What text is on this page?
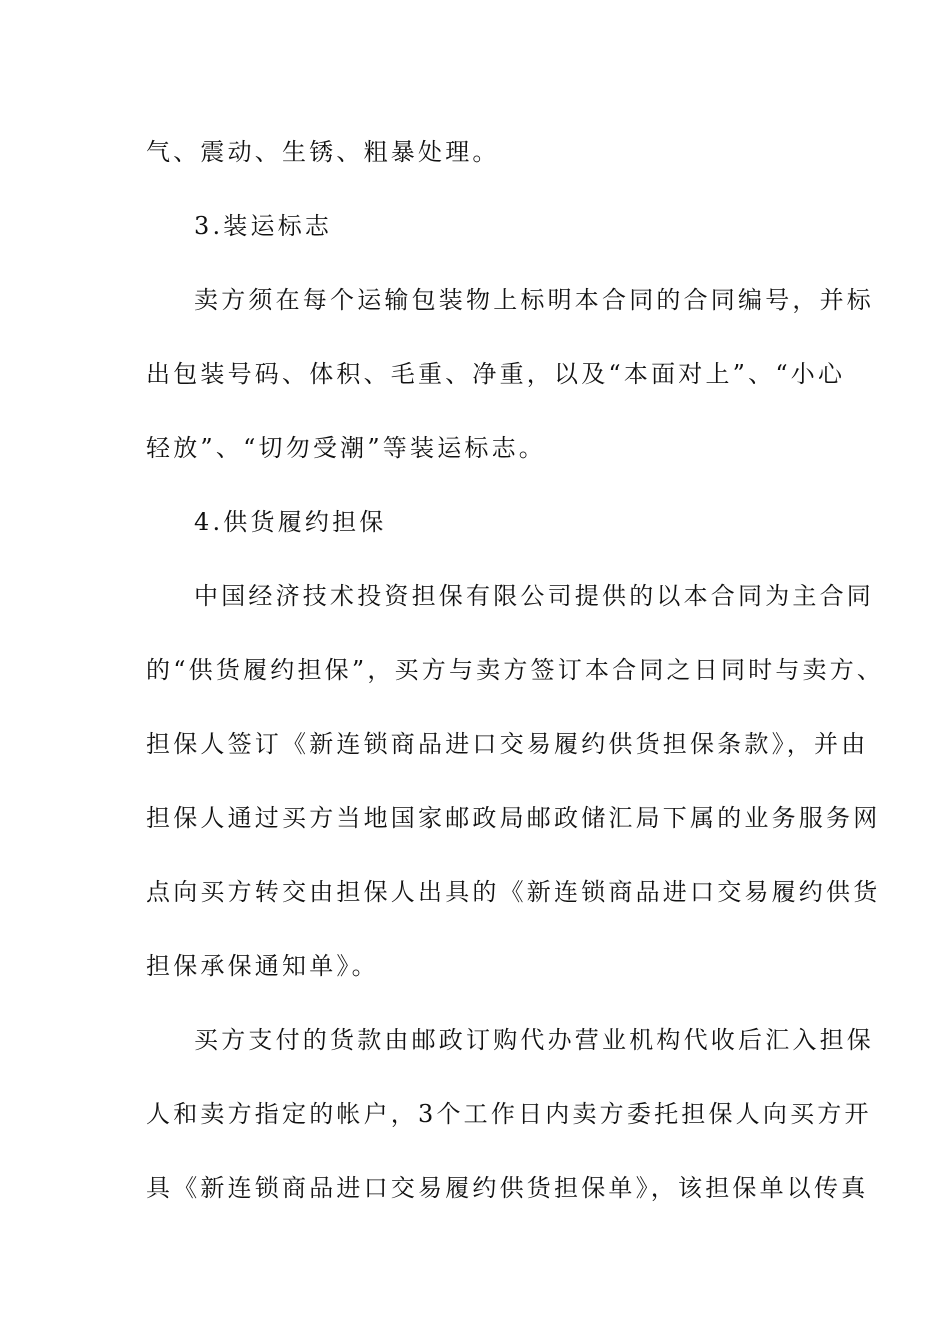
气、震动、生锈、粗暴处理。
3.装运标志
卖方须在每个运输包装物上标明本合同的合同编号，并标
出包装号码、体积、毛重、净重，以及“本面对上”、“小心
轻放”、“切勿受潮”等装运标志。
4.供货履约担保
中国经济技术投资担保有限公司提供的以本合同为主合同
的“供货履约担保”，买方与卖方签订本合同之日同时与卖方、
担保人签订《新连锁商品进口交易履约供货担保条款》，并由
担保人通过买方当地国家邮政局邮政储汇局下属的业务服务网
点向买方转交由担保人出具的《新连锁商品进口交易履约供货
担保承保通知单》。
买方支付的货款由邮政订购代办营业机构代收后汇入担保
人和卖方指定的帐户，3个工作日内卖方委托担保人向买方开
具《新连锁商品进口交易履约供货担保单》，该担保单以传真
